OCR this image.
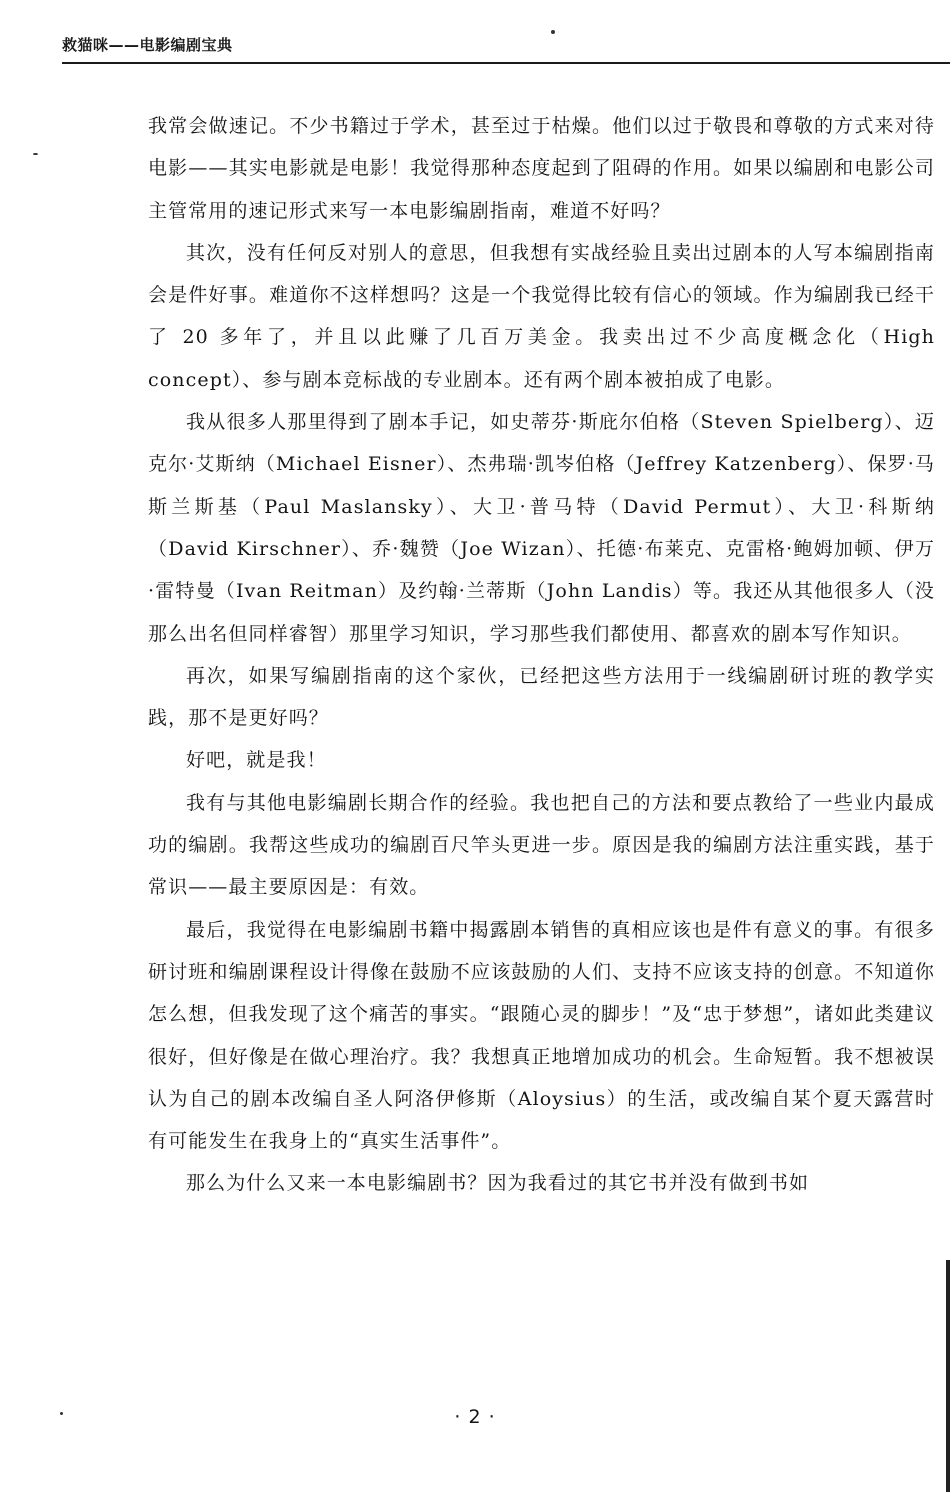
救猫咪——电影编剧宝典

我常会做速记。不少书籍过于学术，甚至过于枯燥。他们以过于敬畏和尊敬的方式来对待电影——其实电影就是电影！我觉得那种态度起到了阻碍的作用。如果以编剧和电影公司主管常用的速记形式来写一本电影编剧指南，难道不好吗？

其次，没有任何反对别人的意思，但我想有实战经验且卖出过剧本的人写本编剧指南会是件好事。难道你不这样想吗？这是一个我觉得比较有信心的领域。作为编剧我已经干了 20 多年了，并且以此赚了几百万美金。我卖出过不少高度概念化（High concept）、参与剧本竞标战的专业剧本。还有两个剧本被拍成了电影。

我从很多人那里得到了剧本手记，如史蒂芬·斯庇尔伯格（Steven Spielberg）、迈克尔·艾斯纳（Michael Eisner）、杰弗瑞·凯岑伯格（Jeffrey Katzenberg）、保罗·马斯兰斯基（Paul Maslansky）、大卫·普马特（David Permut）、大卫·科斯纳（David Kirschner）、乔·魏赞（Joe Wizan）、托德·布莱克、克雷格·鲍姆加顿、伊万·雷特曼（Ivan Reitman）及约翰·兰蒂斯（John Landis）等。我还从其他很多人（没那么出名但同样睿智）那里学习知识，学习那些我们都使用、都喜欢的剧本写作知识。

再次，如果写编剧指南的这个家伙，已经把这些方法用于一线编剧研讨班的教学实践，那不是更好吗？

好吧，就是我！

我有与其他电影编剧长期合作的经验。我也把自己的方法和要点教给了一些业内最成功的编剧。我帮这些成功的编剧百尺竿头更进一步。原因是我的编剧方法注重实践，基于常识——最主要原因是：有效。

最后，我觉得在电影编剧书籍中揭露剧本销售的真相应该也是件有意义的事。有很多研讨班和编剧课程设计得像在鼓励不应该鼓励的人们、支持不应该支持的创意。不知道你怎么想，但我发现了这个痛苦的事实。“跟随心灵的脚步！”及“忠于梦想”，诸如此类建议很好，但好像是在做心理治疗。我？我想真正地增加成功的机会。生命短暂。我不想被误认为自己的剧本改编自圣人阿洛伊修斯（Aloysius）的生活，或改编自某个夏天露营时有可能发生在我身上的“真实生活事件”。

那么为什么又来一本电影编剧书？因为我看过的其它书并没有做到书如

· 2 ·
